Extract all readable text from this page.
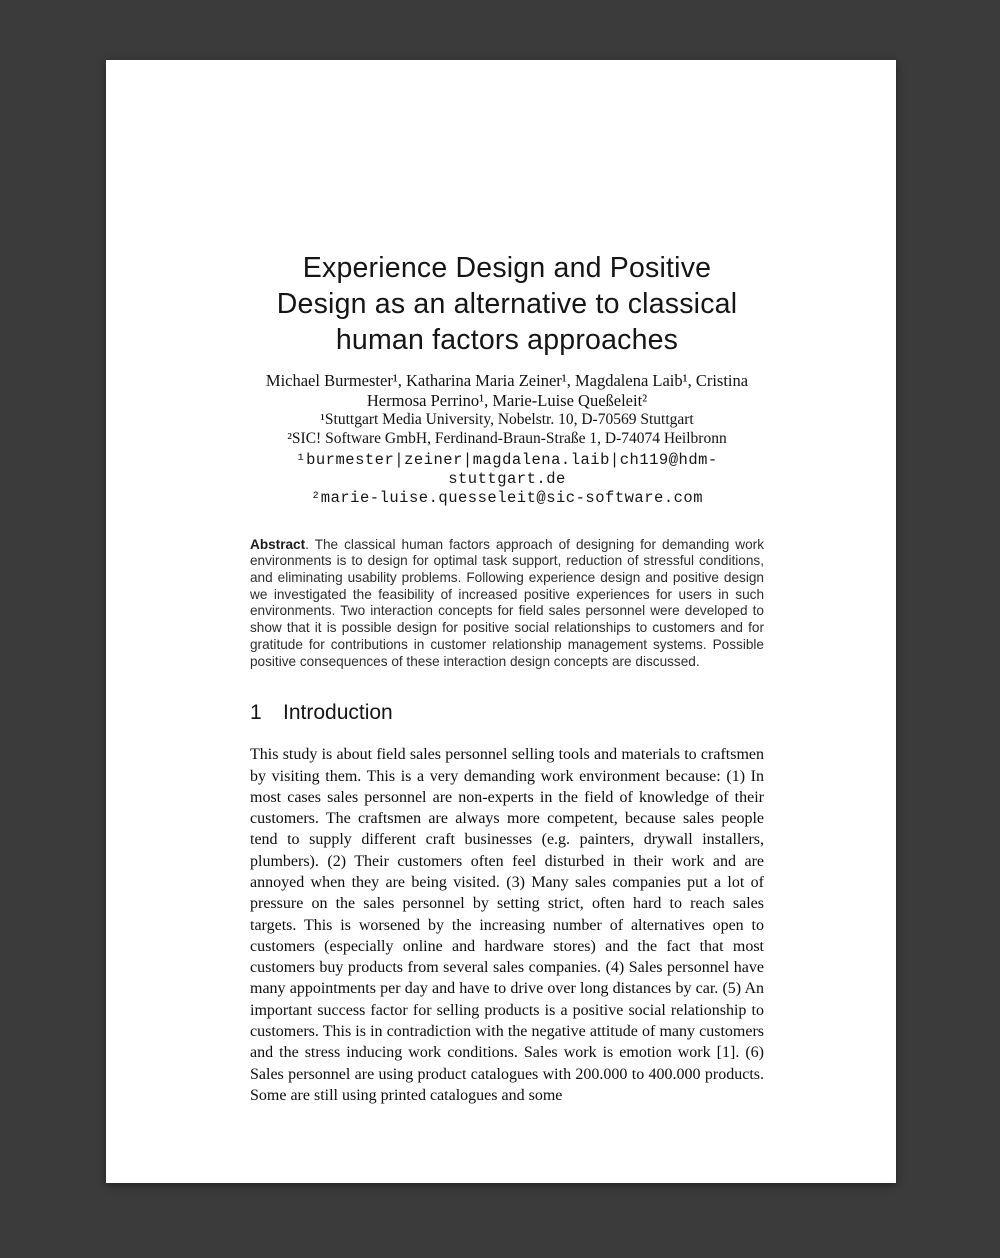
Experience Design and Positive
Design as an alternative to classical
human factors approaches
Michael Burmester¹, Katharina Maria Zeiner¹, Magdalena Laib¹, Cristina
Hermosa Perrino¹, Marie-Luise Queßeleit²
¹Stuttgart Media University, Nobelstr. 10, D-70569 Stuttgart
²SIC! Software GmbH, Ferdinand-Braun-Straße 1, D-74074 Heilbronn
¹burmester|zeiner|magdalena.laib|ch119@hdm-
stuttgart.de
²marie-luise.quesseleit@sic-software.com

Abstract. The classical human factors approach of designing for demanding work environments is to design for optimal task support, reduction of stressful conditions, and eliminating usability problems. Following experience design and positive design we investigated the feasibility of increased positive experiences for users in such environments. Two interaction concepts for field sales personnel were developed to show that it is possible design for positive social relationships to customers and for gratitude for contributions in customer relationship management systems. Possible positive consequences of these interaction design concepts are discussed.

1 Introduction

This study is about field sales personnel selling tools and materials to craftsmen by visiting them. This is a very demanding work environment because: (1) In most cases sales personnel are non-experts in the field of knowledge of their customers. The craftsmen are always more competent, because sales people tend to supply different craft businesses (e.g. painters, drywall installers, plumbers). (2) Their customers often feel disturbed in their work and are annoyed when they are being visited. (3) Many sales companies put a lot of pressure on the sales personnel by setting strict, often hard to reach sales targets. This is worsened by the increasing number of alternatives open to customers (especially online and hardware stores) and the fact that most customers buy products from several sales companies. (4) Sales personnel have many appointments per day and have to drive over long distances by car. (5) An important success factor for selling products is a positive social relationship to customers. This is in contradiction with the negative attitude of many customers and the stress inducing work conditions. Sales work is emotion work [1]. (6) Sales personnel are using product catalogues with 200.000 to 400.000 products. Some are still using printed catalogues and some
